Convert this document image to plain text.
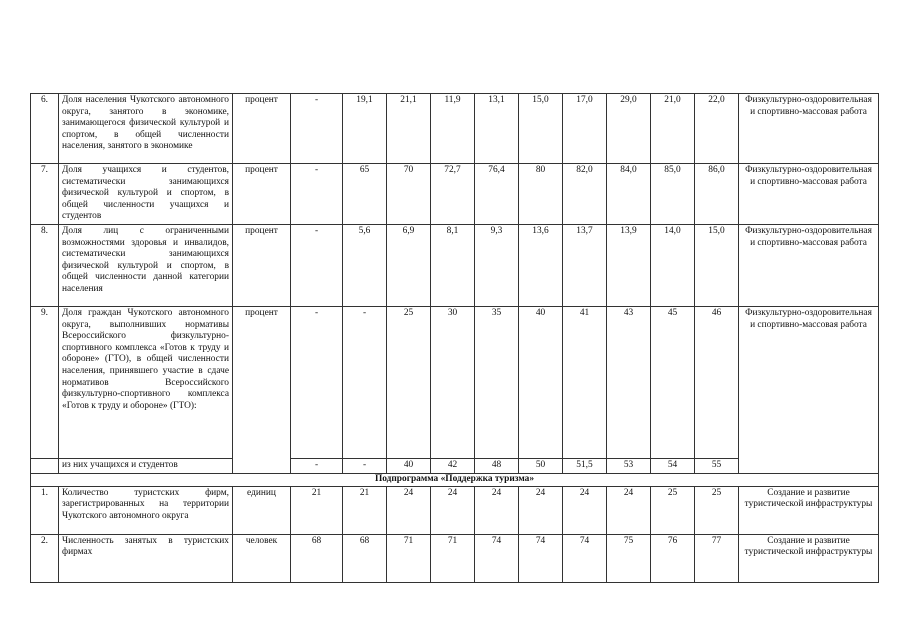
6.	Доля населения Чукотского автономного округа, занятого в экономике, занимающегося физической культурой и спортом, в общей численности населения, занятого в экономике	процент	-	19,1	21,1	11,9	13,1	15,0	17,0	29,0	21,0	22,0	Физкультурно-оздоровительная и спортивно-массовая работа
7.	Доля учащихся и студентов, систематически занимающихся физической культурой и спортом, в общей численности учащихся и студентов	процент	-	65	70	72,7	76,4	80	82,0	84,0	85,0	86,0	Физкультурно-оздоровительная и спортивно-массовая работа
8.	Доля лиц с ограниченными возможностями здоровья и инвалидов, систематически занимающихся физической культурой и спортом, в общей численности данной категории населения	процент	-	5,6	6,9	8,1	9,3	13,6	13,7	13,9	14,0	15,0	Физкультурно-оздоровительная и спортивно-массовая работа
9.	Доля граждан Чукотского автономного округа, выполнивших нормативы Всероссийского физкультурно-спортивного комплекса «Готов к труду и обороне» (ГТО), в общей численности населения, принявшего участие в сдаче нормативов Всероссийского физкультурно-спортивного комплекса «Готов к труду и обороне» (ГТО):	процент	-	-	25	30	35	40	41	43	45	46	Физкультурно-оздоровительная и спортивно-массовая работа
	из них учащихся и студентов		-	-	40	42	48	50	51,5	53	54	55	
Подпрограмма «Поддержка туризма»													
1.	Количество туристских фирм, зарегистрированных на территории Чукотского автономного округа	единиц	21	21	24	24	24	24	24	24	25	25	Создание и развитие туристической инфраструктуры
2.	Численность занятых в туристских фирмах	человек	68	68	71	71	74	74	74	75	76	77	Создание и развитие туристической инфраструктуры
